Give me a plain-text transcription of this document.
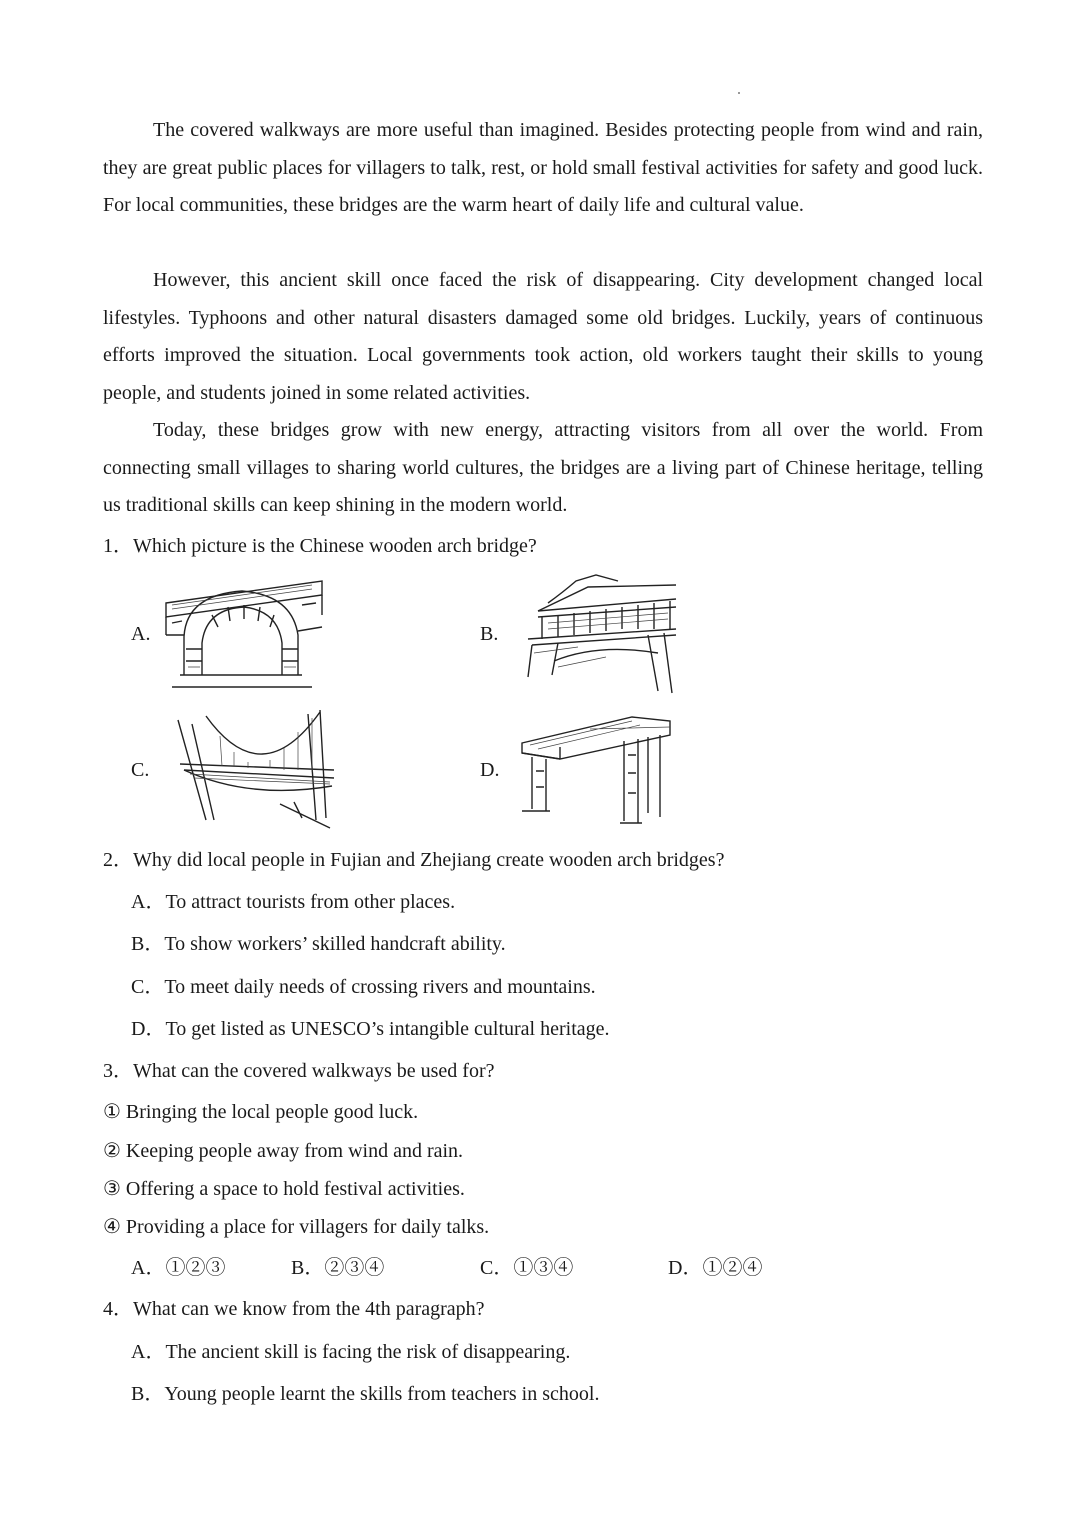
The covered walkways are more useful than imagined. Besides protecting people from wind and rain, they are great public places for villagers to talk, rest, or hold small festival activities for safety and good luck. For local communities, these bridges are the warm heart of daily life and cultural value.

However, this ancient skill once faced the risk of disappearing. City development changed local lifestyles. Typhoons and other natural disasters damaged some old bridges. Luckily, years of continuous efforts improved the situation. Local governments took action, old workers taught their skills to young people, and students joined in some related activities.

Today, these bridges grow with new energy, attracting visitors from all over the world. From connecting small villages to sharing world cultures, the bridges are a living part of Chinese heritage, telling us traditional skills can keep shining in the modern world.

1．Which picture is the Chinese wooden arch bridge?

A.	B.
C.	D.

2．Why did local people in Fujian and Zhejiang create wooden arch bridges?

A．To attract tourists from other places.

B．To show workers’ skilled handcraft ability.

C．To meet daily needs of crossing rivers and mountains.

D．To get listed as UNESCO’s intangible cultural heritage.

3．What can the covered walkways be used for?

① Bringing the local people good luck.

② Keeping people away from wind and rain.

③ Offering a space to hold festival activities.

④ Providing a place for villagers for daily talks.

A．①②③	B．②③④	C．①③④	D．①②④

4．What can we know from the 4th paragraph?

A．The ancient skill is facing the risk of disappearing.

B．Young people learnt the skills from teachers in school.
